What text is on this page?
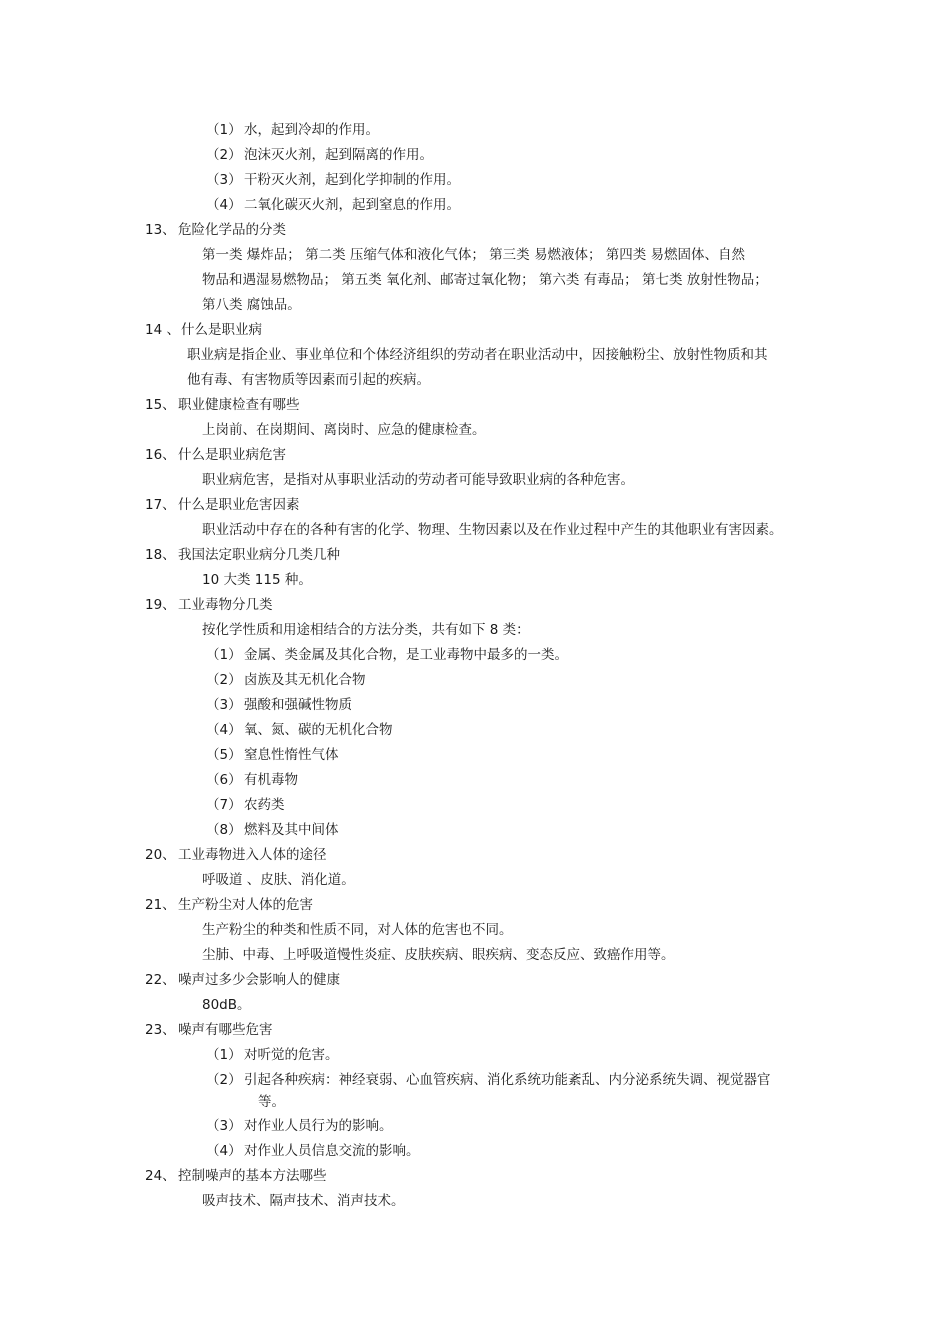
（1） 水，起到冷却的作用。
（2） 泡沫灭火剂，起到隔离的作用。
（3） 干粉灭火剂，起到化学抑制的作用。
（4） 二氧化碳灭火剂，起到窒息的作用。
13、 危险化学品的分类
第一类 爆炸品； 第二类 压缩气体和液化气体； 第三类 易燃液体； 第四类 易燃固体、自然
物品和遇湿易燃物品； 第五类 氧化剂、邮寄过氧化物； 第六类 有毒品； 第七类 放射性物品；
第八类 腐蚀品。
14 、什么是职业病
职业病是指企业、事业单位和个体经济组织的劳动者在职业活动中，因接触粉尘、放射性物质和其
他有毒、有害物质等因素而引起的疾病。
15、 职业健康检查有哪些
上岗前、在岗期间、离岗时、应急的健康检查。
16、 什么是职业病危害
职业病危害，是指对从事职业活动的劳动者可能导致职业病的各种危害。
17、 什么是职业危害因素
职业活动中存在的各种有害的化学、物理、生物因素以及在作业过程中产生的其他职业有害因素。
18、 我国法定职业病分几类几种
10 大类 115 种。
19、 工业毒物分几类
按化学性质和用途相结合的方法分类，共有如下 8 类：
（1） 金属、类金属及其化合物，是工业毒物中最多的一类。
（2） 卤族及其无机化合物
（3） 强酸和强碱性物质
（4） 氧、氮、碳的无机化合物
（5） 窒息性惰性气体
（6） 有机毒物
（7） 农药类
（8） 燃料及其中间体
20、 工业毒物进入人体的途径
呼吸道 、皮肤、消化道。
21、 生产粉尘对人体的危害
生产粉尘的种类和性质不同，对人体的危害也不同。
尘肺、中毒、上呼吸道慢性炎症、皮肤疾病、眼疾病、变态反应、致癌作用等。
22、 噪声过多少会影响人的健康
80dB。
23、 噪声有哪些危害
（1） 对听觉的危害。
（2） 引起各种疾病：神经衰弱、心血管疾病、消化系统功能紊乱、内分泌系统失调、视觉器官
等。
（3） 对作业人员行为的影响。
（4） 对作业人员信息交流的影响。
24、 控制噪声的基本方法哪些
吸声技术、隔声技术、消声技术。
